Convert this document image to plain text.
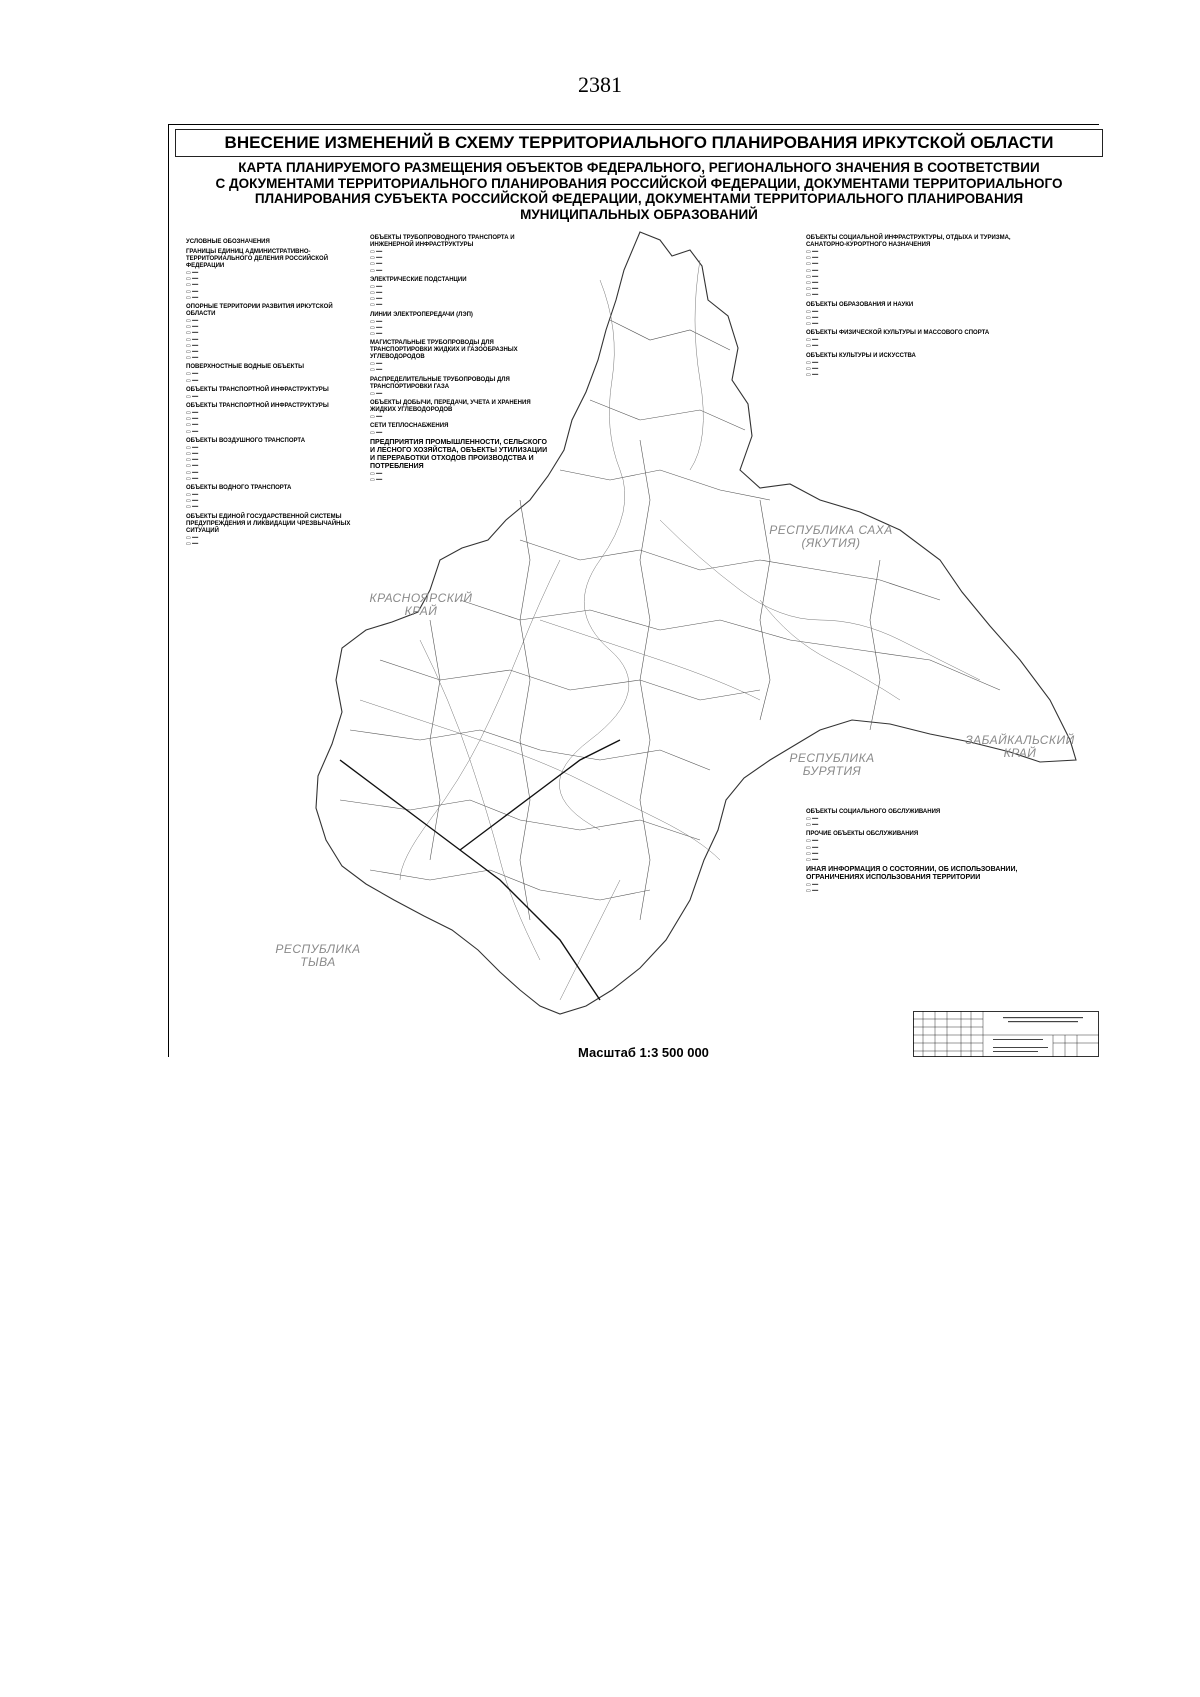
2381
ВНЕСЕНИЕ ИЗМЕНЕНИЙ В СХЕМУ ТЕРРИТОРИАЛЬНОГО ПЛАНИРОВАНИЯ ИРКУТСКОЙ ОБЛАСТИ
КАРТА ПЛАНИРУЕМОГО РАЗМЕЩЕНИЯ ОБЪЕКТОВ ФЕДЕРАЛЬНОГО, РЕГИОНАЛЬНОГО ЗНАЧЕНИЯ В СООТВЕТСТВИИ
С ДОКУМЕНТАМИ ТЕРРИТОРИАЛЬНОГО ПЛАНИРОВАНИЯ РОССИЙСКОЙ ФЕДЕРАЦИИ, ДОКУМЕНТАМИ ТЕРРИТОРИАЛЬНОГО
ПЛАНИРОВАНИЯ СУБЪЕКТА РОССИЙСКОЙ ФЕДЕРАЦИИ, ДОКУМЕНТАМИ ТЕРРИТОРИАЛЬНОГО ПЛАНИРОВАНИЯ
МУНИЦИПАЛЬНЫХ ОБРАЗОВАНИЙ
УСЛОВНЫЕ ОБОЗНАЧЕНИЯ
ГРАНИЦЫ ЕДИНИЦ АДМИНИСТРАТИВНО-ТЕРРИТОРИАЛЬНОГО ДЕЛЕНИЯ РОССИЙСКОЙ ФЕДЕРАЦИИ
▭ ━━
▭ ━━
▭ ━━
▭ ━━
▭ ━━
ОПОРНЫЕ ТЕРРИТОРИИ РАЗВИТИЯ ИРКУТСКОЙ ОБЛАСТИ
▭ ━━
▭ ━━
▭ ━━
▭ ━━
▭ ━━
▭ ━━
▭ ━━
ПОВЕРХНОСТНЫЕ ВОДНЫЕ ОБЪЕКТЫ
▭ ━━
▭ ━━
ОБЪЕКТЫ ТРАНСПОРТНОЙ ИНФРАСТРУКТУРЫ
▭ ━━
ОБЪЕКТЫ ТРАНСПОРТНОЙ ИНФРАСТРУКТУРЫ
▭ ━━
▭ ━━
▭ ━━
▭ ━━
ОБЪЕКТЫ ВОЗДУШНОГО ТРАНСПОРТА
▭ ━━
▭ ━━
▭ ━━
▭ ━━
▭ ━━
▭ ━━
ОБЪЕКТЫ ВОДНОГО ТРАНСПОРТА
▭ ━━
▭ ━━
▭ ━━
ОБЪЕКТЫ ЕДИНОЙ ГОСУДАРСТВЕННОЙ СИСТЕМЫ ПРЕДУПРЕЖДЕНИЯ И ЛИКВИДАЦИИ ЧРЕЗВЫЧАЙНЫХ СИТУАЦИЙ
▭ ━━
▭ ━━
ОБЪЕКТЫ ТРУБОПРОВОДНОГО ТРАНСПОРТА И ИНЖЕНЕРНОЙ ИНФРАСТРУКТУРЫ
▭ ━━
▭ ━━
▭ ━━
▭ ━━
ЭЛЕКТРИЧЕСКИЕ ПОДСТАНЦИИ
▭ ━━
▭ ━━
▭ ━━
▭ ━━
ЛИНИИ ЭЛЕКТРОПЕРЕДАЧИ (ЛЭП)
▭ ━━
▭ ━━
▭ ━━
МАГИСТРАЛЬНЫЕ ТРУБОПРОВОДЫ ДЛЯ ТРАНСПОРТИРОВКИ ЖИДКИХ И ГАЗООБРАЗНЫХ УГЛЕВОДОРОДОВ
▭ ━━
▭ ━━
РАСПРЕДЕЛИТЕЛЬНЫЕ ТРУБОПРОВОДЫ ДЛЯ ТРАНСПОРТИРОВКИ ГАЗА
▭ ━━
ОБЪЕКТЫ ДОБЫЧИ, ПЕРЕДАЧИ, УЧЕТА И ХРАНЕНИЯ ЖИДКИХ УГЛЕВОДОРОДОВ
▭ ━━
СЕТИ ТЕПЛОСНАБЖЕНИЯ
▭ ━━
ПРЕДПРИЯТИЯ ПРОМЫШЛЕННОСТИ, СЕЛЬСКОГО И ЛЕСНОГО ХОЗЯЙСТВА, ОБЪЕКТЫ УТИЛИЗАЦИИ И ПЕРЕРАБОТКИ ОТХОДОВ ПРОИЗВОДСТВА И ПОТРЕБЛЕНИЯ
▭ ━━
▭ ━━
ОБЪЕКТЫ СОЦИАЛЬНОЙ ИНФРАСТРУКТУРЫ, ОТДЫХА И ТУРИЗМА, САНАТОРНО-КУРОРТНОГО НАЗНАЧЕНИЯ
▭ ━━
▭ ━━
▭ ━━
▭ ━━
▭ ━━
▭ ━━
▭ ━━
▭ ━━
ОБЪЕКТЫ ОБРАЗОВАНИЯ И НАУКИ
▭ ━━
▭ ━━
▭ ━━
ОБЪЕКТЫ ФИЗИЧЕСКОЙ КУЛЬТУРЫ И МАССОВОГО СПОРТА
▭ ━━
▭ ━━
ОБЪЕКТЫ КУЛЬТУРЫ И ИСКУССТВА
▭ ━━
▭ ━━
▭ ━━
ОБЪЕКТЫ СОЦИАЛЬНОГО ОБСЛУЖИВАНИЯ
▭ ━━
▭ ━━
ПРОЧИЕ ОБЪЕКТЫ ОБСЛУЖИВАНИЯ
▭ ━━
▭ ━━
▭ ━━
▭ ━━
ИНАЯ ИНФОРМАЦИЯ О СОСТОЯНИИ, ОБ ИСПОЛЬЗОВАНИИ, ОГРАНИЧЕНИЯХ ИСПОЛЬЗОВАНИЯ ТЕРРИТОРИИ
▭ ━━
▭ ━━
КРАСНОЯРСКИЙ
КРАЙ
РЕСПУБЛИКА САХА
(ЯКУТИЯ)
ЗАБАЙКАЛЬСКИЙ
КРАЙ
РЕСПУБЛИКА
БУРЯТИЯ
РЕСПУБЛИКА
ТЫВА
Масштаб 1:3 500 000
